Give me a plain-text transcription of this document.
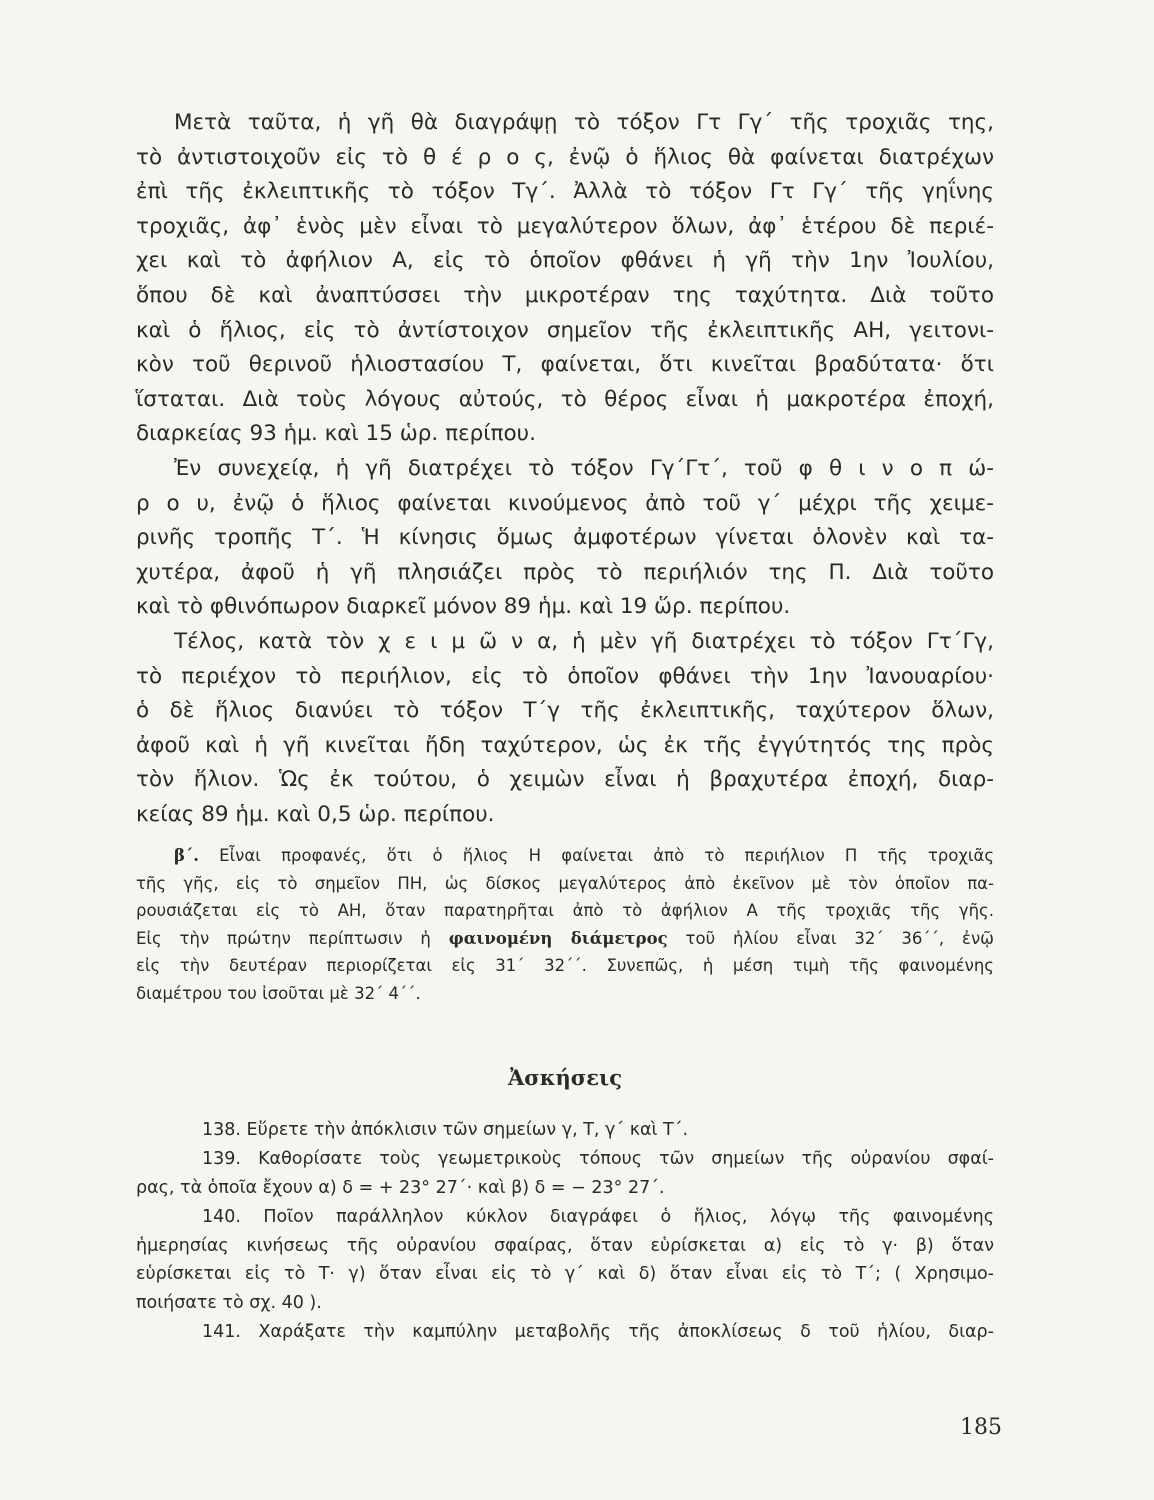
Μετὰ ταῦτα, ἡ γῆ θὰ διαγράψῃ τὸ τόξον Γτ Γγ΄ τῆς τροχιᾶς της,
τὸ ἀντιστοιχοῦν εἰς τὸ θ έ ρ ο ς, ἐνῷ ὁ ἥλιος θὰ φαίνεται διατρέχων
ἐπὶ τῆς ἐκλειπτικῆς τὸ τόξον Τγ΄. Ἀλλὰ τὸ τόξον Γτ Γγ΄ τῆς γηΐνης
τροχιᾶς, ἀφ᾽ ἑνὸς μὲν εἶναι τὸ μεγαλύτερον ὅλων, ἀφ᾽ ἑτέρου δὲ περιέ-
χει καὶ τὸ ἀφήλιον Α, εἰς τὸ ὁποῖον φθάνει ἡ γῆ τὴν 1ην Ἰουλίου,
ὅπου δὲ καὶ ἀναπτύσσει τὴν μικροτέραν της ταχύτητα. Διὰ τοῦτο
καὶ ὁ ἥλιος, εἰς τὸ ἀντίστοιχον σημεῖον τῆς ἐκλειπτικῆς ΑΗ, γειτονι-
κὸν τοῦ θερινοῦ ἡλιοστασίου Τ, φαίνεται, ὅτι κινεῖται βραδύτατα· ὅτι
ἵσταται. Διὰ τοὺς λόγους αὐτούς, τὸ θέρος εἶναι ἡ μακροτέρα ἐποχή,
διαρκείας 93 ἡμ. καὶ 15 ὡρ. περίπου.

Ἐν συνεχείᾳ, ἡ γῆ διατρέχει τὸ τόξον Γγ΄Γτ΄, τοῦ φ θ ι ν ο π ώ-
ρ ο υ, ἐνῷ ὁ ἥλιος φαίνεται κινούμενος ἀπὸ τοῦ γ΄ μέχρι τῆς χειμε-
ρινῆς τροπῆς Τ΄. Ἡ κίνησις ὅμως ἀμφοτέρων γίνεται ὁλονὲν καὶ τα-
χυτέρα, ἀφοῦ ἡ γῆ πλησιάζει πρὸς τὸ περιήλιόν της Π. Διὰ τοῦτο
καὶ τὸ φθινόπωρον διαρκεῖ μόνον 89 ἡμ. καὶ 19 ὥρ. περίπου.

Τέλος, κατὰ τὸν χ ε ι μ ῶ ν α, ἡ μὲν γῆ διατρέχει τὸ τόξον Γτ΄Γγ,
τὸ περιέχον τὸ περιήλιον, εἰς τὸ ὁποῖον φθάνει τὴν 1ην Ἰανουαρίου·
ὁ δὲ ἥλιος διανύει τὸ τόξον Τ΄γ τῆς ἐκλειπτικῆς, ταχύτερον ὅλων,
ἀφοῦ καὶ ἡ γῆ κινεῖται ἤδη ταχύτερον, ὡς ἐκ τῆς ἐγγύτητός της πρὸς
τὸν ἥλιον. Ὡς ἐκ τούτου, ὁ χειμὼν εἶναι ἡ βραχυτέρα ἐποχή, διαρ-
κείας 89 ἡμ. καὶ 0,5 ὡρ. περίπου.

β΄. Εἶναι προφανές, ὅτι ὁ ἥλιος Η φαίνεται ἀπὸ τὸ περιήλιον Π τῆς τροχιᾶς
τῆς γῆς, εἰς τὸ σημεῖον ΠΗ, ὡς δίσκος μεγαλύτερος ἀπὸ ἐκεῖνον μὲ τὸν ὁποῖον πα-
ρουσιάζεται εἰς τὸ ΑΗ, ὅταν παρατηρῆται ἀπὸ τὸ ἀφήλιον Α τῆς τροχιᾶς τῆς γῆς.
Εἰς τὴν πρώτην περίπτωσιν ἡ φαινομένη διάμετρος τοῦ ἡλίου εἶναι 32΄ 36΄΄, ἐνῷ
εἰς τὴν δευτέραν περιορίζεται εἰς 31΄ 32΄΄. Συνεπῶς, ἡ μέση τιμὴ τῆς φαινομένης
διαμέτρου του ἰσοῦται μὲ 32΄ 4΄΄.
Ἀσκήσεις
138. Εὕρετε τὴν ἀπόκλισιν τῶν σημείων γ, Τ, γ΄ καὶ Τ΄.
139. Καθορίσατε τοὺς γεωμετρικοὺς τόπους τῶν σημείων τῆς οὐρανίου σφαί-
ρας, τὰ ὁποῖα ἔχουν α) δ = + 23° 27΄· καὶ β) δ = − 23° 27΄.
140. Ποῖον παράλληλον κύκλον διαγράφει ὁ ἥλιος, λόγῳ τῆς φαινομένης
ἡμερησίας κινήσεως τῆς οὐρανίου σφαίρας, ὅταν εὑρίσκεται α) εἰς τὸ γ· β) ὅταν
εὑρίσκεται εἰς τὸ Τ· γ) ὅταν εἶναι εἰς τὸ γ΄ καὶ δ) ὅταν εἶναι εἰς τὸ Τ΄; ( Χρησιμο-
ποιήσατε τὸ σχ. 40 ).
141. Χαράξατε τὴν καμπύλην μεταβολῆς τῆς ἀποκλίσεως δ τοῦ ἡλίου, διαρ-
185
